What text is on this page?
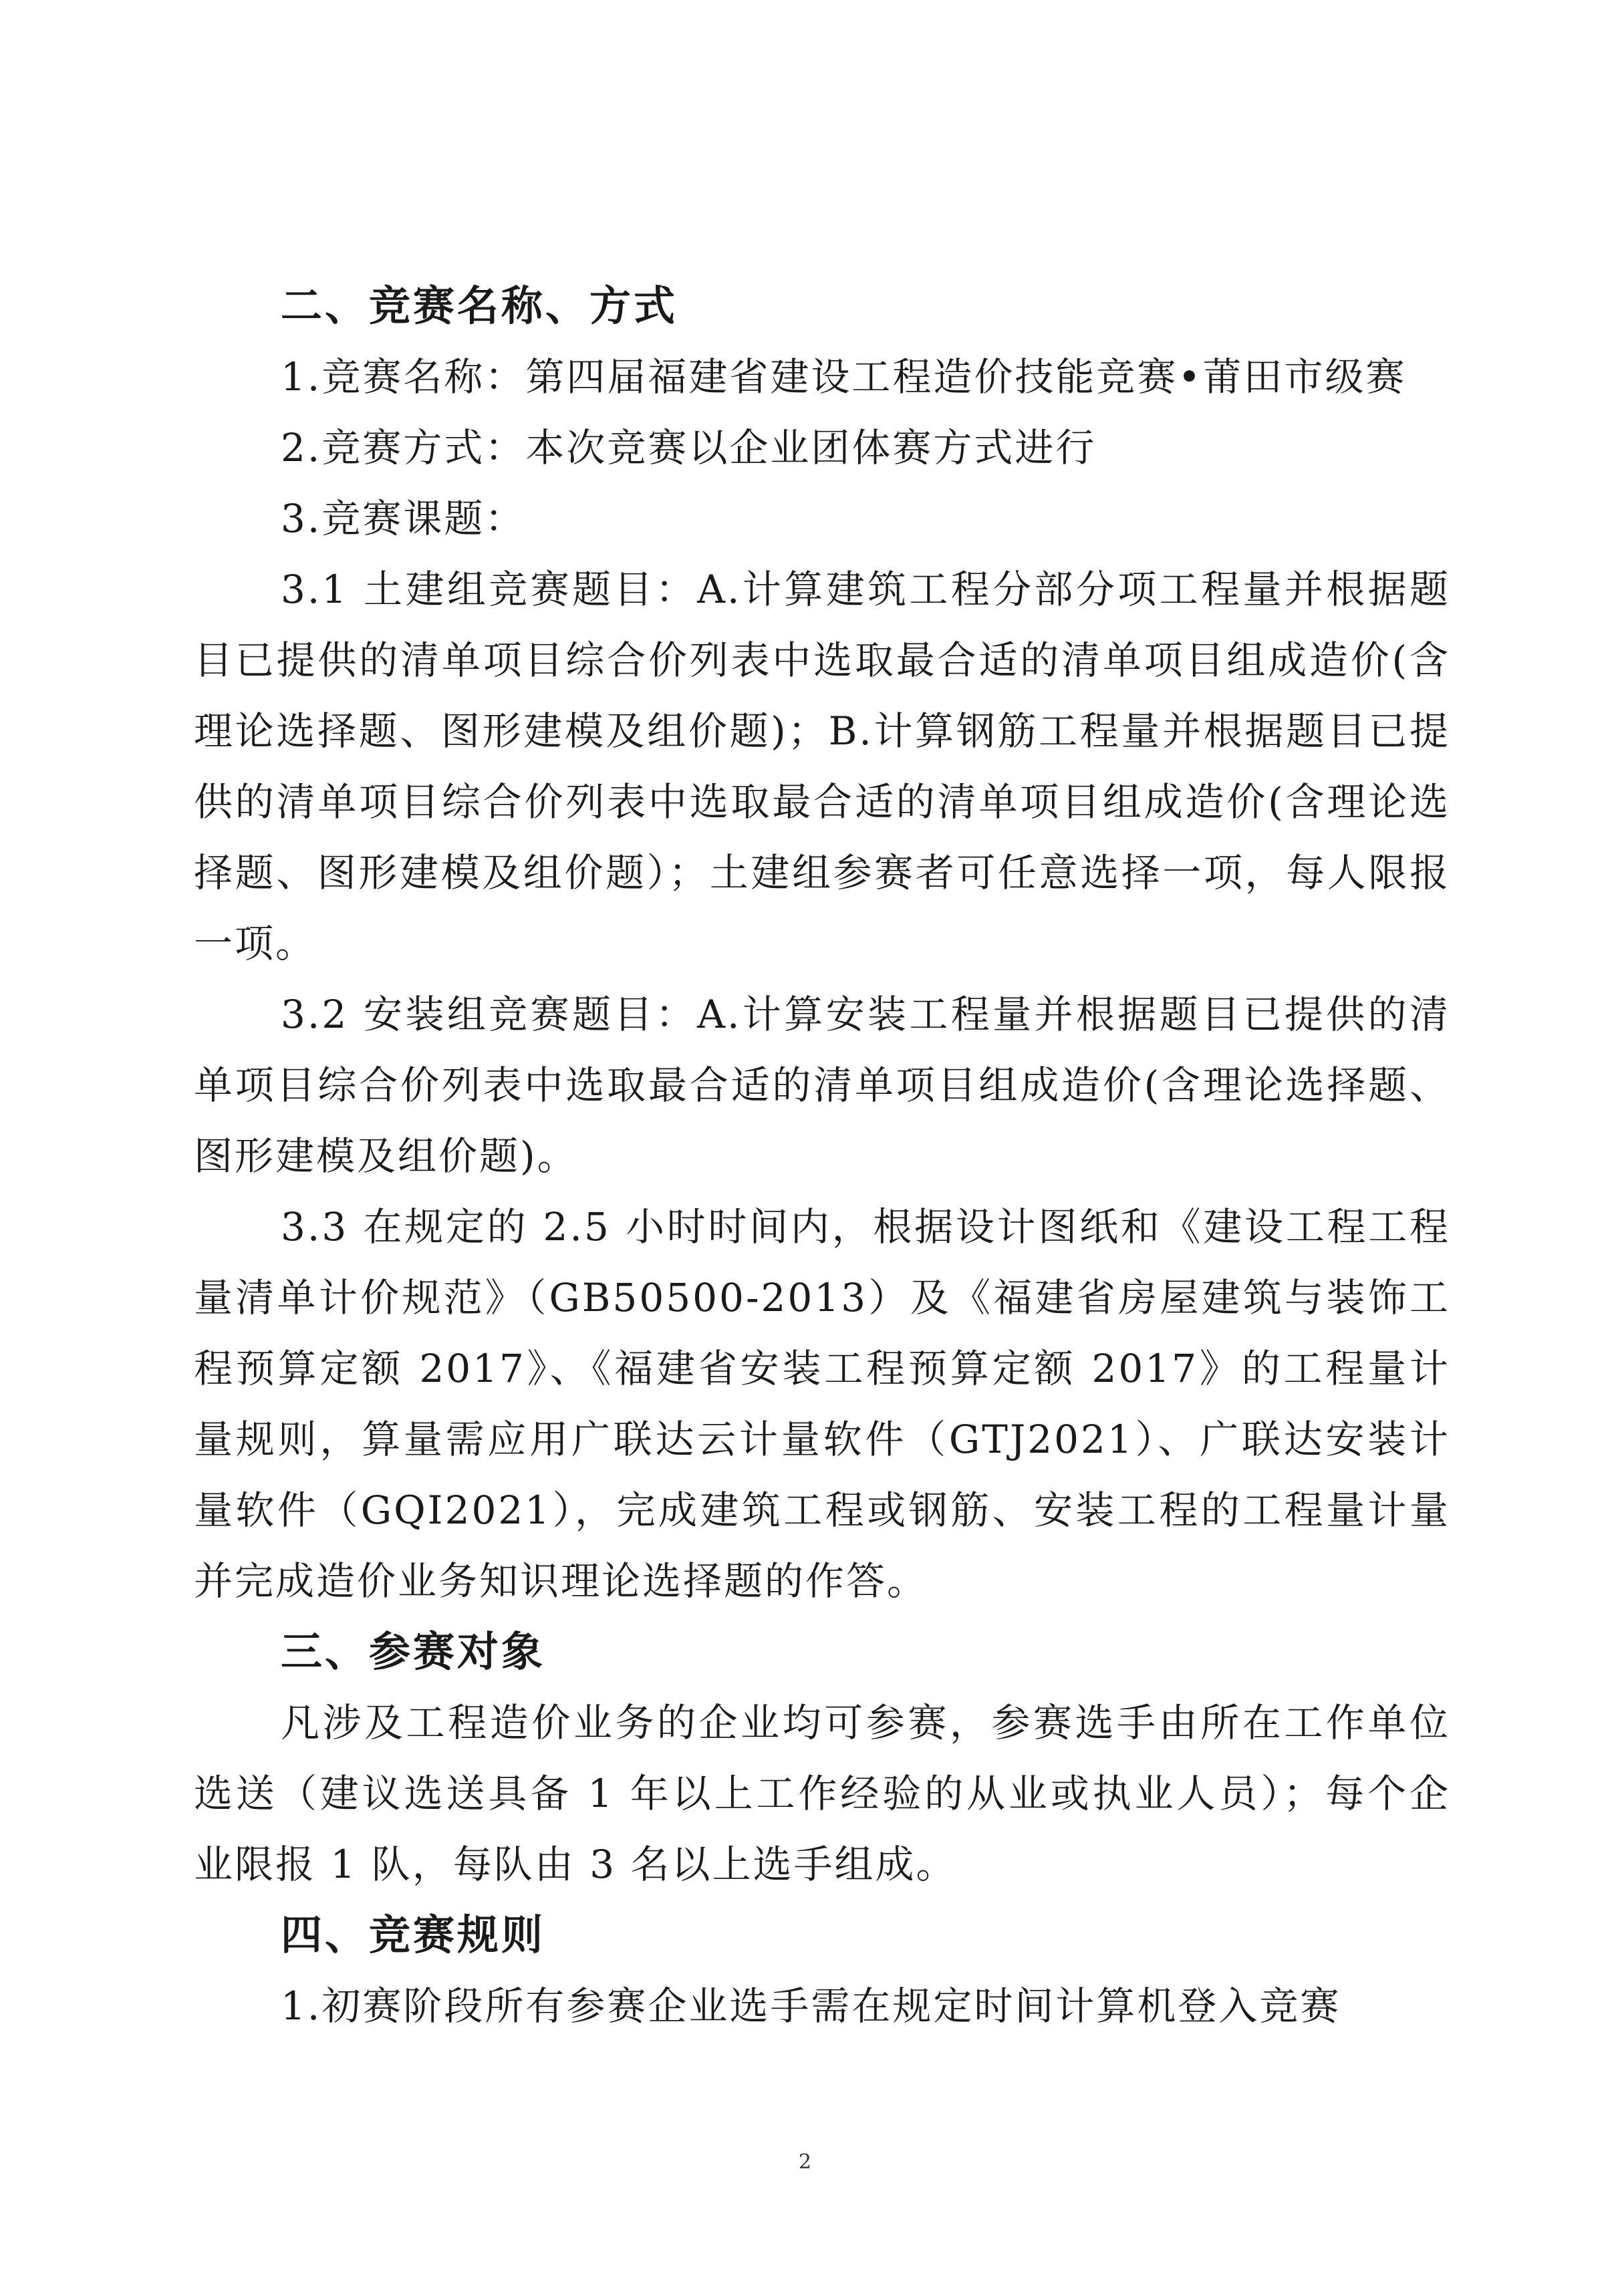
二、竞赛名称、方式

1.竞赛名称：第四届福建省建设工程造价技能竞赛•莆田市级赛

2.竞赛方式：本次竞赛以企业团体赛方式进行

3.竞赛课题：

3.1 土建组竞赛题目：A.计算建筑工程分部分项工程量并根据题目已提供的清单项目综合价列表中选取最合适的清单项目组成造价(含理论选择题、图形建模及组价题)；B.计算钢筋工程量并根据题目已提供的清单项目综合价列表中选取最合适的清单项目组成造价(含理论选择题、图形建模及组价题）；土建组参赛者可任意选择一项，每人限报一项。

3.2 安装组竞赛题目：A.计算安装工程量并根据题目已提供的清单项目综合价列表中选取最合适的清单项目组成造价(含理论选择题、图形建模及组价题)。

3.3 在规定的 2.5 小时时间内，根据设计图纸和《建设工程工程量清单计价规范》（GB50500-2013）及《福建省房屋建筑与装饰工程预算定额 2017》、《福建省安装工程预算定额 2017》的工程量计量规则，算量需应用广联达云计量软件（GTJ2021）、广联达安装计量软件（GQI2021），完成建筑工程或钢筋、安装工程的工程量计量并完成造价业务知识理论选择题的作答。

三、参赛对象

凡涉及工程造价业务的企业均可参赛，参赛选手由所在工作单位选送（建议选送具备 1 年以上工作经验的从业或执业人员）；每个企业限报 1 队，每队由 3 名以上选手组成。

四、竞赛规则

1.初赛阶段所有参赛企业选手需在规定时间计算机登入竞赛

2
